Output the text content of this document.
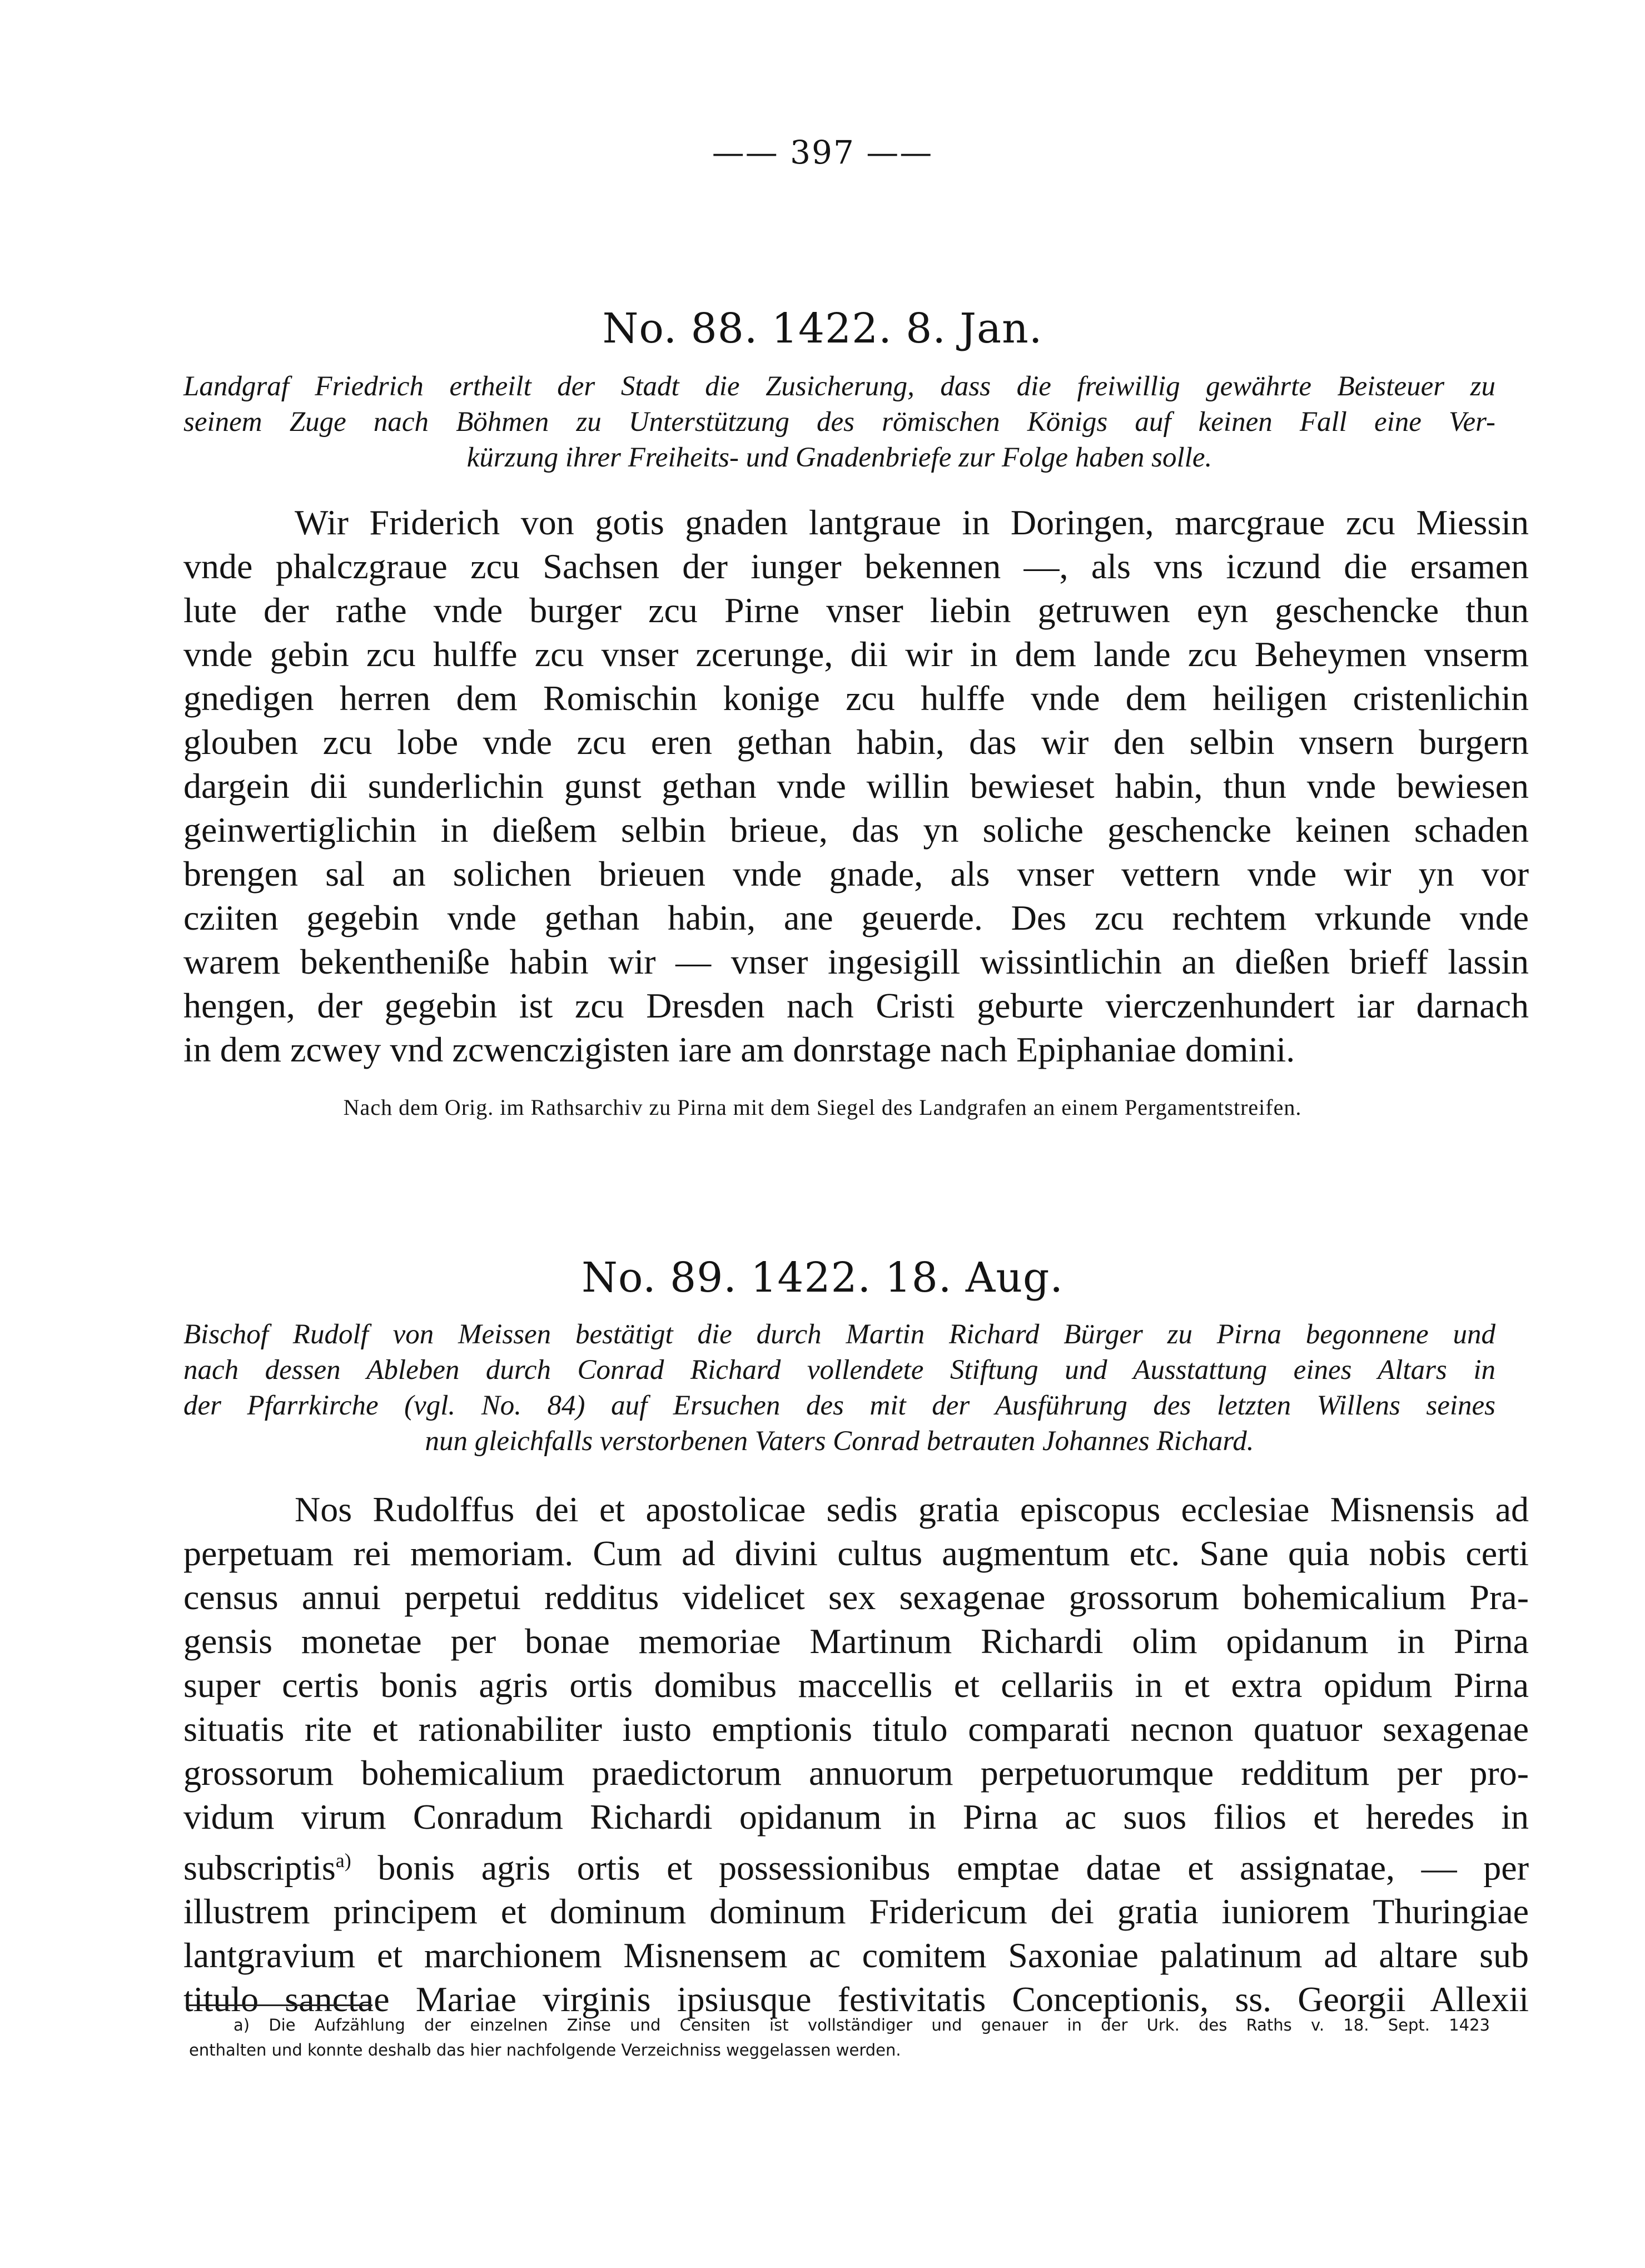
—— 397 ——
No. 88. 1422. 8. Jan.
Landgraf Friedrich ertheilt der Stadt die Zusicherung, dass die freiwillig gewährte Beisteuer zu
seinem Zuge nach Böhmen zu Unterstützung des römischen Königs auf keinen Fall eine Ver-
kürzung ihrer Freiheits- und Gnadenbriefe zur Folge haben solle.
Wir Friderich von gotis gnaden lantgraue in Doringen, marcgraue zcu Miessin
vnde phalczgraue zcu Sachsen der iunger bekennen —, als vns iczund die ersamen
lute der rathe vnde burger zcu Pirne vnser liebin getruwen eyn geschencke thun
vnde gebin zcu hulffe zcu vnser zcerunge, dii wir in dem lande zcu Beheymen vnserm
gnedigen herren dem Romischin konige zcu hulffe vnde dem heiligen cristenlichin
glouben zcu lobe vnde zcu eren gethan habin, das wir den selbin vnsern burgern
dargein dii sunderlichin gunst gethan vnde willin bewieset habin, thun vnde bewiesen
geinwertiglichin in dießem selbin brieue, das yn soliche geschencke keinen schaden
brengen sal an solichen brieuen vnde gnade, als vnser vettern vnde wir yn vor
cziiten gegebin vnde gethan habin, ane geuerde. Des zcu rechtem vrkunde vnde
warem bekentheniße habin wir — vnser ingesigill wissintlichin an dießen brieff lassin
hengen, der gegebin ist zcu Dresden nach Cristi geburte vierczenhundert iar darnach
in dem zcwey vnd zcwenczigisten iare am donrstage nach Epiphaniae domini.
Nach dem Orig. im Rathsarchiv zu Pirna mit dem Siegel des Landgrafen an einem Pergamentstreifen.
No. 89. 1422. 18. Aug.
Bischof Rudolf von Meissen bestätigt die durch Martin Richard Bürger zu Pirna begonnene und
nach dessen Ableben durch Conrad Richard vollendete Stiftung und Ausstattung eines Altars in
der Pfarrkirche (vgl. No. 84) auf Ersuchen des mit der Ausführung des letzten Willens seines
nun gleichfalls verstorbenen Vaters Conrad betrauten Johannes Richard.
Nos Rudolffus dei et apostolicae sedis gratia episcopus ecclesiae Misnensis ad
perpetuam rei memoriam. Cum ad divini cultus augmentum etc. Sane quia nobis certi
census annui perpetui redditus videlicet sex sexagenae grossorum bohemicalium Pra-
gensis monetae per bonae memoriae Martinum Richardi olim opidanum in Pirna
super certis bonis agris ortis domibus maccellis et cellariis in et extra opidum Pirna
situatis rite et rationabiliter iusto emptionis titulo comparati necnon quatuor sexagenae
grossorum bohemicalium praedictorum annuorum perpetuorumque redditum per pro-
vidum virum Conradum Richardi opidanum in Pirna ac suos filios et heredes in
subscriptis$^{a)}$ bonis agris ortis et possessionibus emptae datae et assignatae, — per
illustrem principem et dominum dominum Fridericum dei gratia iuniorem Thuringiae
lantgravium et marchionem Misnensem ac comitem Saxoniae palatinum ad altare sub
titulo sanctae Mariae virginis ipsiusque festivitatis Conceptionis, ss. Georgii Allexii
a) Die Aufzählung der einzelnen Zinse und Censiten ist vollständiger und genauer in der Urk. des Raths v. 18. Sept. 1423
enthalten und konnte deshalb das hier nachfolgende Verzeichniss weggelassen werden.
